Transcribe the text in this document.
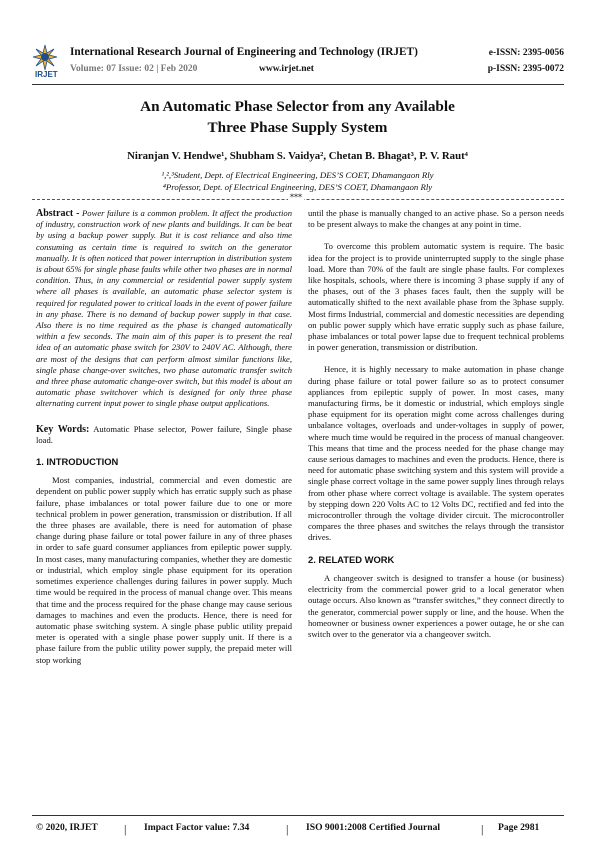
IRJET
International Research Journal of Engineering and Technology (IRJET)
Volume: 07 Issue: 02 | Feb 2020	www.irjet.net
e-ISSN: 2395-0056
p-ISSN: 2395-0072
An Automatic Phase Selector from any Available
Three Phase Supply System
Niranjan V. Hendwe¹, Shubham S. Vaidya², Chetan B. Bhagat³, P. V. Raut⁴
¹,²,³Student, Dept. of Electrical Engineering, DES’S COET, Dhamangaon Rly
⁴Professor, Dept. of Electrical Engineering, DES’S COET, Dhamangaon Rly
***

Abstract - Power failure is a common problem. It affect the production of industry, construction work of new plants and buildings. It can be beat by using a backup power supply. But it is cost reliance and also time consuming as certain time is required to switch on the generator manually. It is often noticed that power interruption in distribution system is about 65% for single phase faults while other two phases are in normal condition. Thus, in any commercial or residential power supply system where all phases is available, an automatic phase selector system is required for regulated power to critical loads in the event of power failure in any phase. There is no demand of backup power supply in that case. Also there is no time required as the phase is changed automatically within a few seconds. The main aim of this paper is to present the real idea of an automatic phase switch for 230V to 240V AC. Although, there are most of the designs that can perform almost similar functions like, single phase change-over switches, two phase automatic transfer switch and three phase automatic change-over switch, but this model is about an automatic phase switchover which is designed for only three phase alternating current input power to single phase output applications.

Key Words: Automatic Phase selector, Power failure, Single phase load.

1. INTRODUCTION

Most companies, industrial, commercial and even domestic are dependent on public power supply which has erratic supply such as phase failure, phase imbalances or total power failure due to one or more technical problem in power generation, transmission or distribution. If all the three phases are available, there is need for automation of phase change during phase failure or total power failure in any of three phases in order to safe guard consumer appliances from epileptic power supply. In most cases, many manufacturing companies, whether they are domestic or industrial, which employ single phase equipment for its operation sometimes experience challenges during failures in power supply. Much time would be required in the process of manual change over. This means that time and the process required for the phase change may cause serious damages to machines and even the products. Hence, there is need for automatic phase switching system. A single phase public utility prepaid meter is operated with a single phase power supply unit. If there is a phase failure from the public utility power supply, the prepaid meter will stop working

until the phase is manually changed to an active phase. So a person needs to be present always to make the changes at any point in time.

To overcome this problem automatic system is require. The basic idea for the project is to provide uninterrupted supply to the single phase load. More than 70% of the fault are single phase faults. For complexes like hospitals, schools, where there is incoming 3 phase supply if any of the phases, out of the 3 phases faces fault, then the supply will be automatically shifted to the next available phase from the 3phase supply. Most firms Industrial, commercial and domestic necessities are depending on public power supply which have erratic supply such as phase failure, phase imbalances or total power lapse due to frequent technical problems in power generation, transmission or distribution.

Hence, it is highly necessary to make automation in phase change during phase failure or total power failure so as to protect consumer appliances from epileptic supply of power. In most cases, many manufacturing firms, be it domestic or industrial, which employs single phase equipment for its operation might come across challenges during unbalance voltages, overloads and under-voltages in supply of power, where much time would be required in the process of manual changeover. This means that time and the process needed for the phase change may cause serious damages to machines and even the products. Hence, there is need for automatic phase switching system and this system will provide a single phase correct voltage in the same power supply lines through relays from other phase where correct voltage is available. The system operates by stepping down 220 Volts AC to 12 Volts DC, rectified and fed into the microcontroller through the voltage divider circuit. The microcontroller compares the three phases and switches the relays through the transistor drives.

2. RELATED WORK

A changeover switch is designed to transfer a house (or business) electricity from the commercial power grid to a local generator when outage occurs. Also known as “transfer switches,” they connect directly to the generator, commercial power supply or line, and the house. When the homeowner or business owner experiences a power outage, he or she can switch over to the generator via a changeover switch.

© 2020, IRJET | Impact Factor value: 7.34	| ISO 9001:2008 Certified Journal	| Page 2981
